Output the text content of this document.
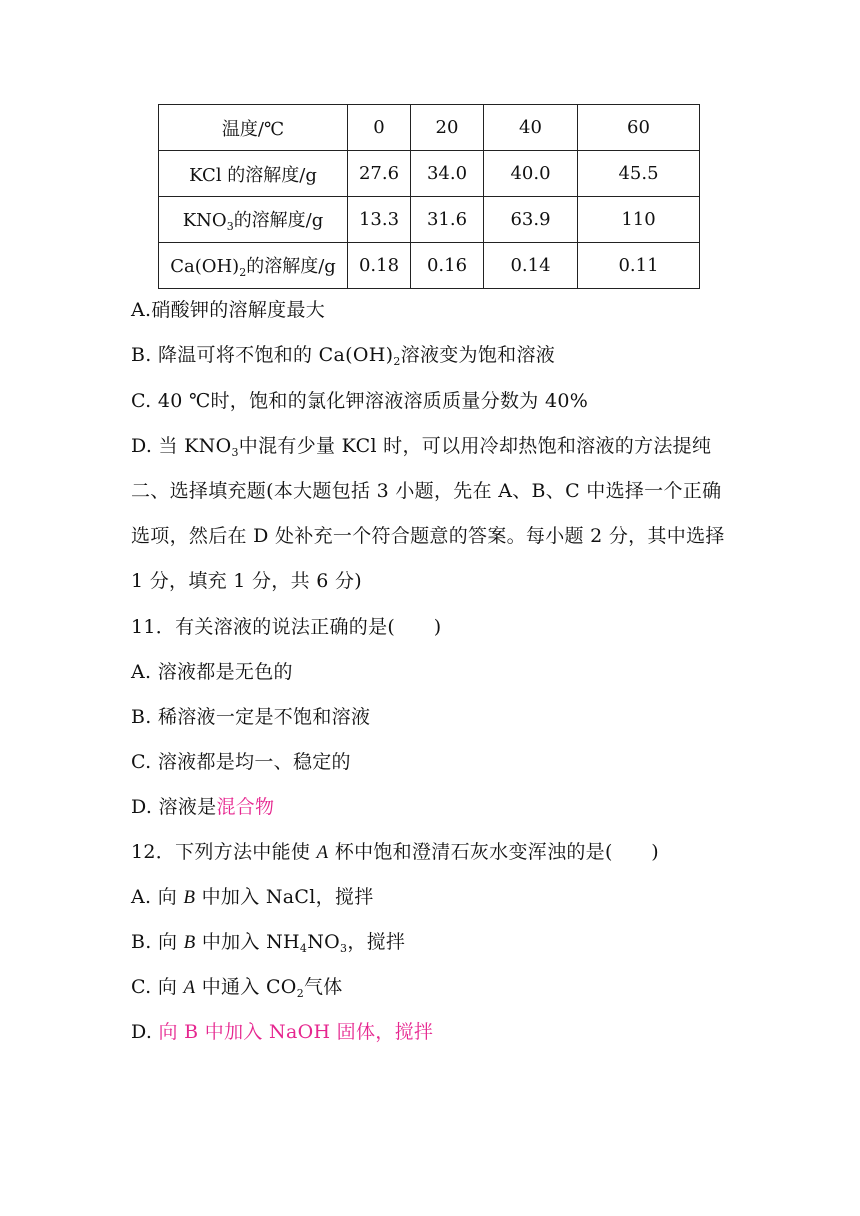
温度/℃	0	20	40	60
KCl 的溶解度/g	27.6	34.0	40.0	45.5
$KNO_3$的溶解度/g	13.3	31.6	63.9	110
$Ca(OH)_2$的溶解度/g	0.18	0.16	0.14	0.11
A.硝酸钾的溶解度最大
B. 降温可将不饱和的 $Ca(OH)_2$溶液变为饱和溶液
C. 40 ℃时，饱和的氯化钾溶液溶质质量分数为 40%
D. 当 $KNO_3$中混有少量 KCl 时，可以用冷却热饱和溶液的方法提纯
二、选择填充题(本大题包括 3 小题，先在 A、B、C 中选择一个正确
选项，然后在 D 处补充一个符合题意的答案。每小题 2 分，其中选择
1 分，填充 1 分，共 6 分)
11．有关溶液的说法正确的是(　　)
A. 溶液都是无色的
B. 稀溶液一定是不饱和溶液
C. 溶液都是均一、稳定的
D. 溶液是混合物
12．下列方法中能使 A 杯中饱和澄清石灰水变浑浊的是(　　)
A. 向 B 中加入 NaCl，搅拌
B. 向 B 中加入 $NH_4NO_3$，搅拌
C. 向 A 中通入 $CO_2$气体
D. 向 B 中加入 NaOH 固体，搅拌
